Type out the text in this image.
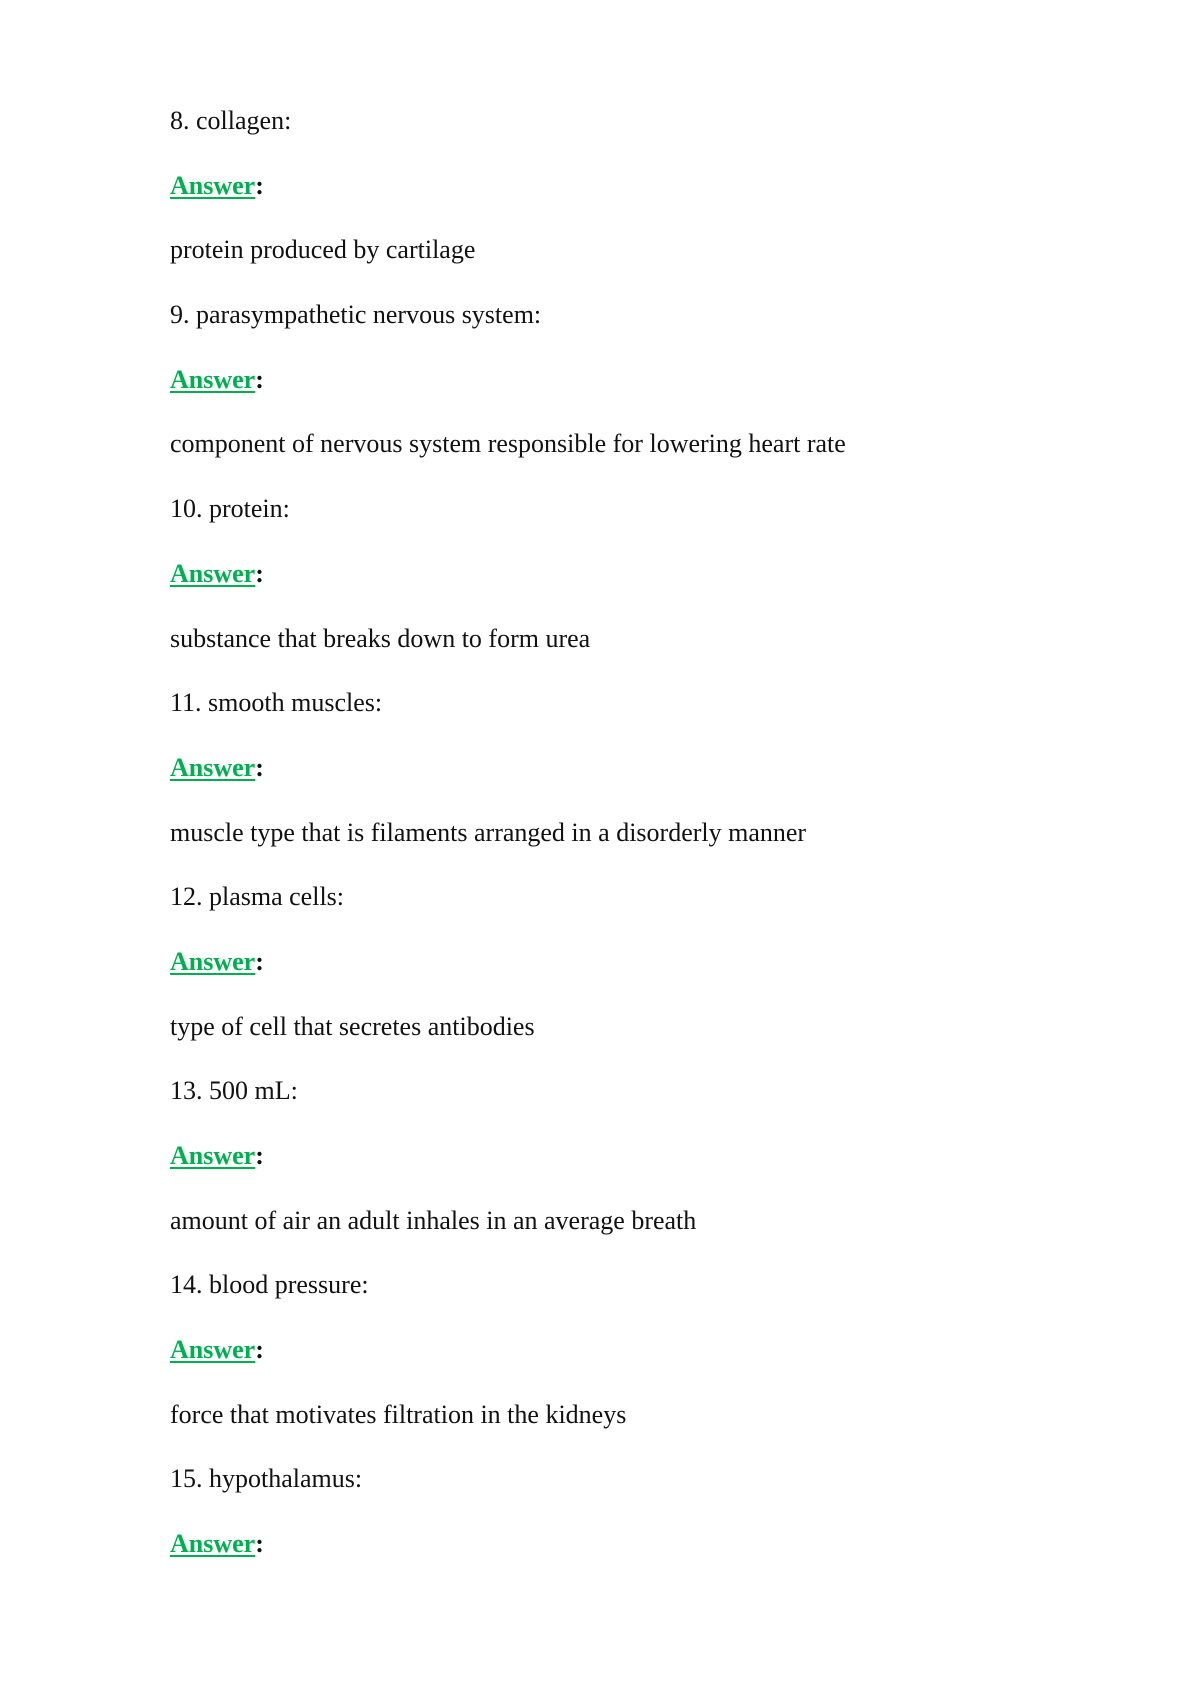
8. collagen:
Answer:
protein produced by cartilage
9. parasympathetic nervous system:
Answer:
component of nervous system responsible for lowering heart rate
10. protein:
Answer:
substance that breaks down to form urea
11. smooth muscles:
Answer:
muscle type that is filaments arranged in a disorderly manner
12. plasma cells:
Answer:
type of cell that secretes antibodies
13. 500 mL:
Answer:
amount of air an adult inhales in an average breath
14. blood pressure:
Answer:
force that motivates filtration in the kidneys
15. hypothalamus:
Answer:
